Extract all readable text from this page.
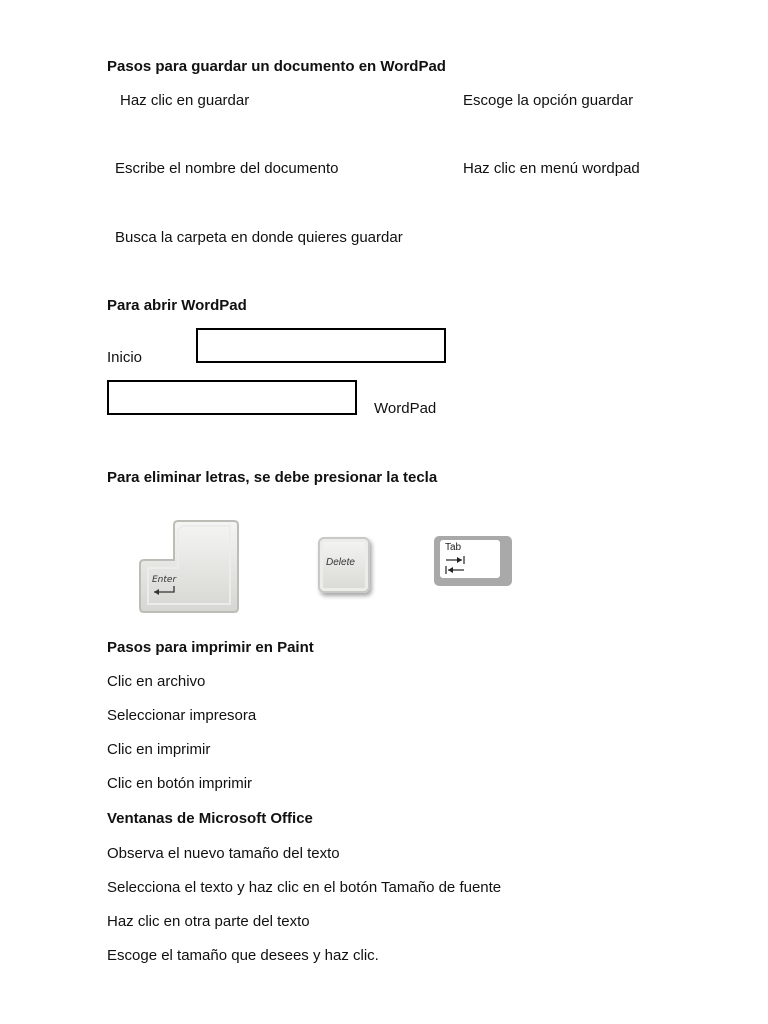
Pasos para guardar un documento en WordPad
Haz clic en guardar	Escoge la opción guardar
Escribe el nombre del documento	Haz clic en menú wordpad
Busca la carpeta en donde quieres guardar
Para abrir WordPad
Inicio
WordPad
Para eliminar letras, se debe presionar la tecla
Enter
Delete
Tab
Pasos para imprimir en Paint
Clic en archivo
Seleccionar impresora
Clic en imprimir
Clic en botón imprimir
Ventanas de Microsoft Office
Observa el nuevo tamaño del texto
Selecciona el texto y haz clic en el botón Tamaño de fuente
Haz clic en otra parte del texto
Escoge el tamaño que desees y haz clic.
